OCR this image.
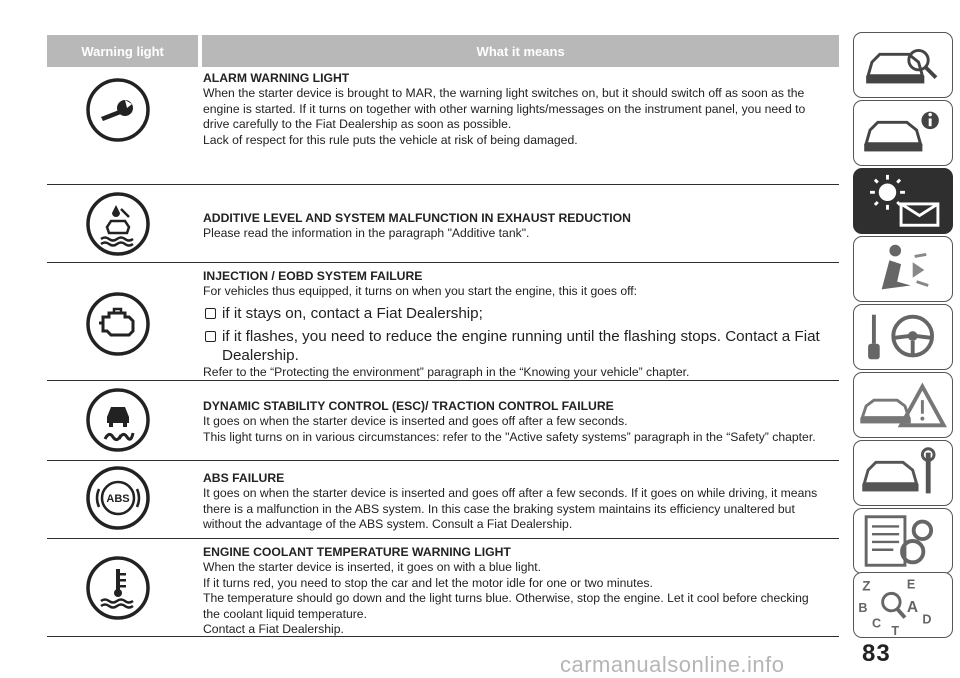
Warning light	What it means
ALARM WARNING LIGHT
When the starter device is brought to MAR, the warning light switches on, but it should switch off as soon as the
engine is started. If it turns on together with other warning lights/messages on the instrument panel, you need to
drive carefully to the Fiat Dealership as soon as possible.
Lack of respect for this rule puts the vehicle at risk of being damaged.
ADDITIVE LEVEL AND SYSTEM MALFUNCTION IN EXHAUST REDUCTION
Please read the information in the paragraph "Additive tank".
INJECTION / EOBD SYSTEM FAILURE
For vehicles thus equipped, it turns on when you start the engine, this it goes off:
if it stays on, contact a Fiat Dealership;
if it flashes, you need to reduce the engine running until the flashing stops. Contact a Fiat Dealership.
Refer to the “Protecting the environment” paragraph in the “Knowing your vehicle” chapter.
DYNAMIC STABILITY CONTROL (ESC)/ TRACTION CONTROL FAILURE
It goes on when the starter device is inserted and goes off after a few seconds.
This light turns on in various circumstances: refer to the "Active safety systems” paragraph in the “Safety” chapter.
ABS
ABS FAILURE
It goes on when the starter device is inserted and goes off after a few seconds. If it goes on while driving, it means
there is a malfunction in the ABS system. In this case the braking system maintains its efficiency unaltered but
without the advantage of the ABS system. Consult a Fiat Dealership.
ENGINE COOLANT TEMPERATURE WARNING LIGHT
When the starter device is inserted, it goes on with a blue light.
If it turns red, you need to stop the car and let the motor idle for one or two minutes.
The temperature should go down and the light turns blue. Otherwise, stop the engine. Let it cool before checking
the coolant liquid temperature.
Contact a Fiat Dealership.
Z	E
B A
C	D
T
83
carmanualsonline.info
